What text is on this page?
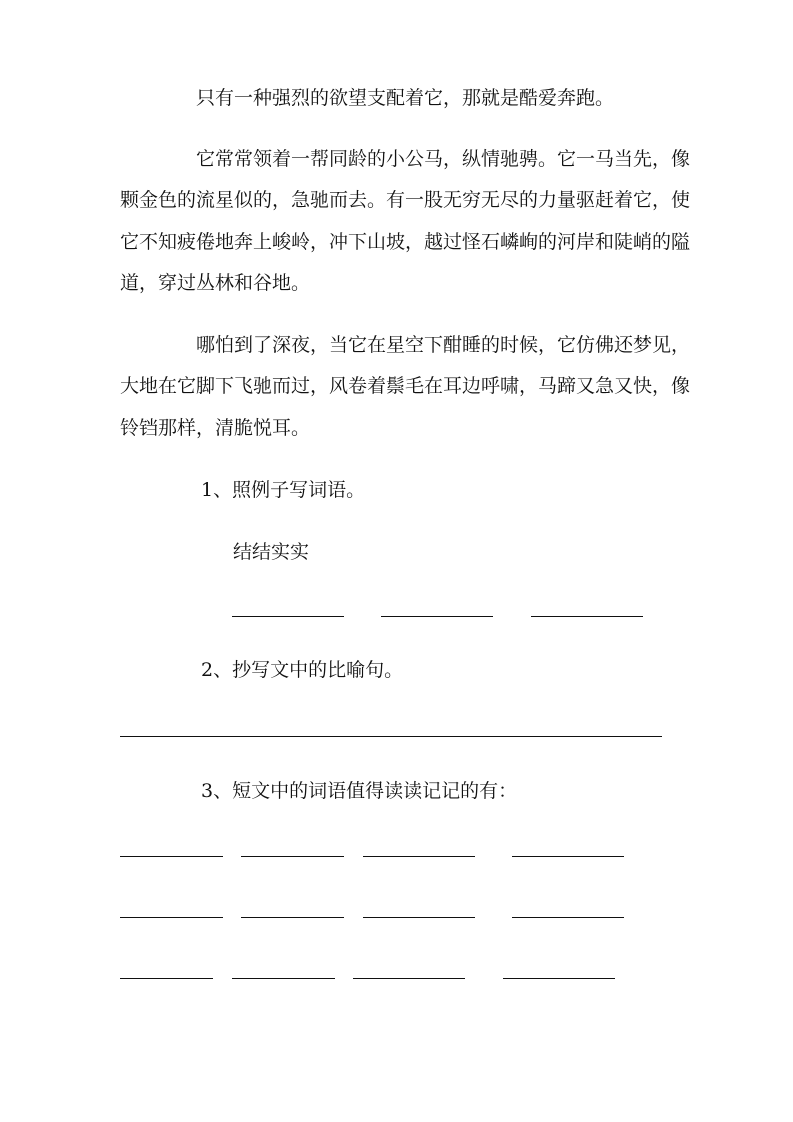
只有一种强烈的欲望支配着它，那就是酷爱奔跑。
它常常领着一帮同龄的小公马，纵情驰骋。它一马当先，像
颗金色的流星似的，急驰而去。有一股无穷无尽的力量驱赶着它，使
它不知疲倦地奔上峻岭，冲下山坡，越过怪石嶙峋的河岸和陡峭的隘
道，穿过丛林和谷地。
哪怕到了深夜，当它在星空下酣睡的时候，它仿佛还梦见，
大地在它脚下飞驰而过，风卷着鬃毛在耳边呼啸，马蹄又急又快，像
铃铛那样，清脆悦耳。
1、照例子写词语。
结结实实
2、抄写文中的比喻句。
3、短文中的词语值得读读记记的有：
